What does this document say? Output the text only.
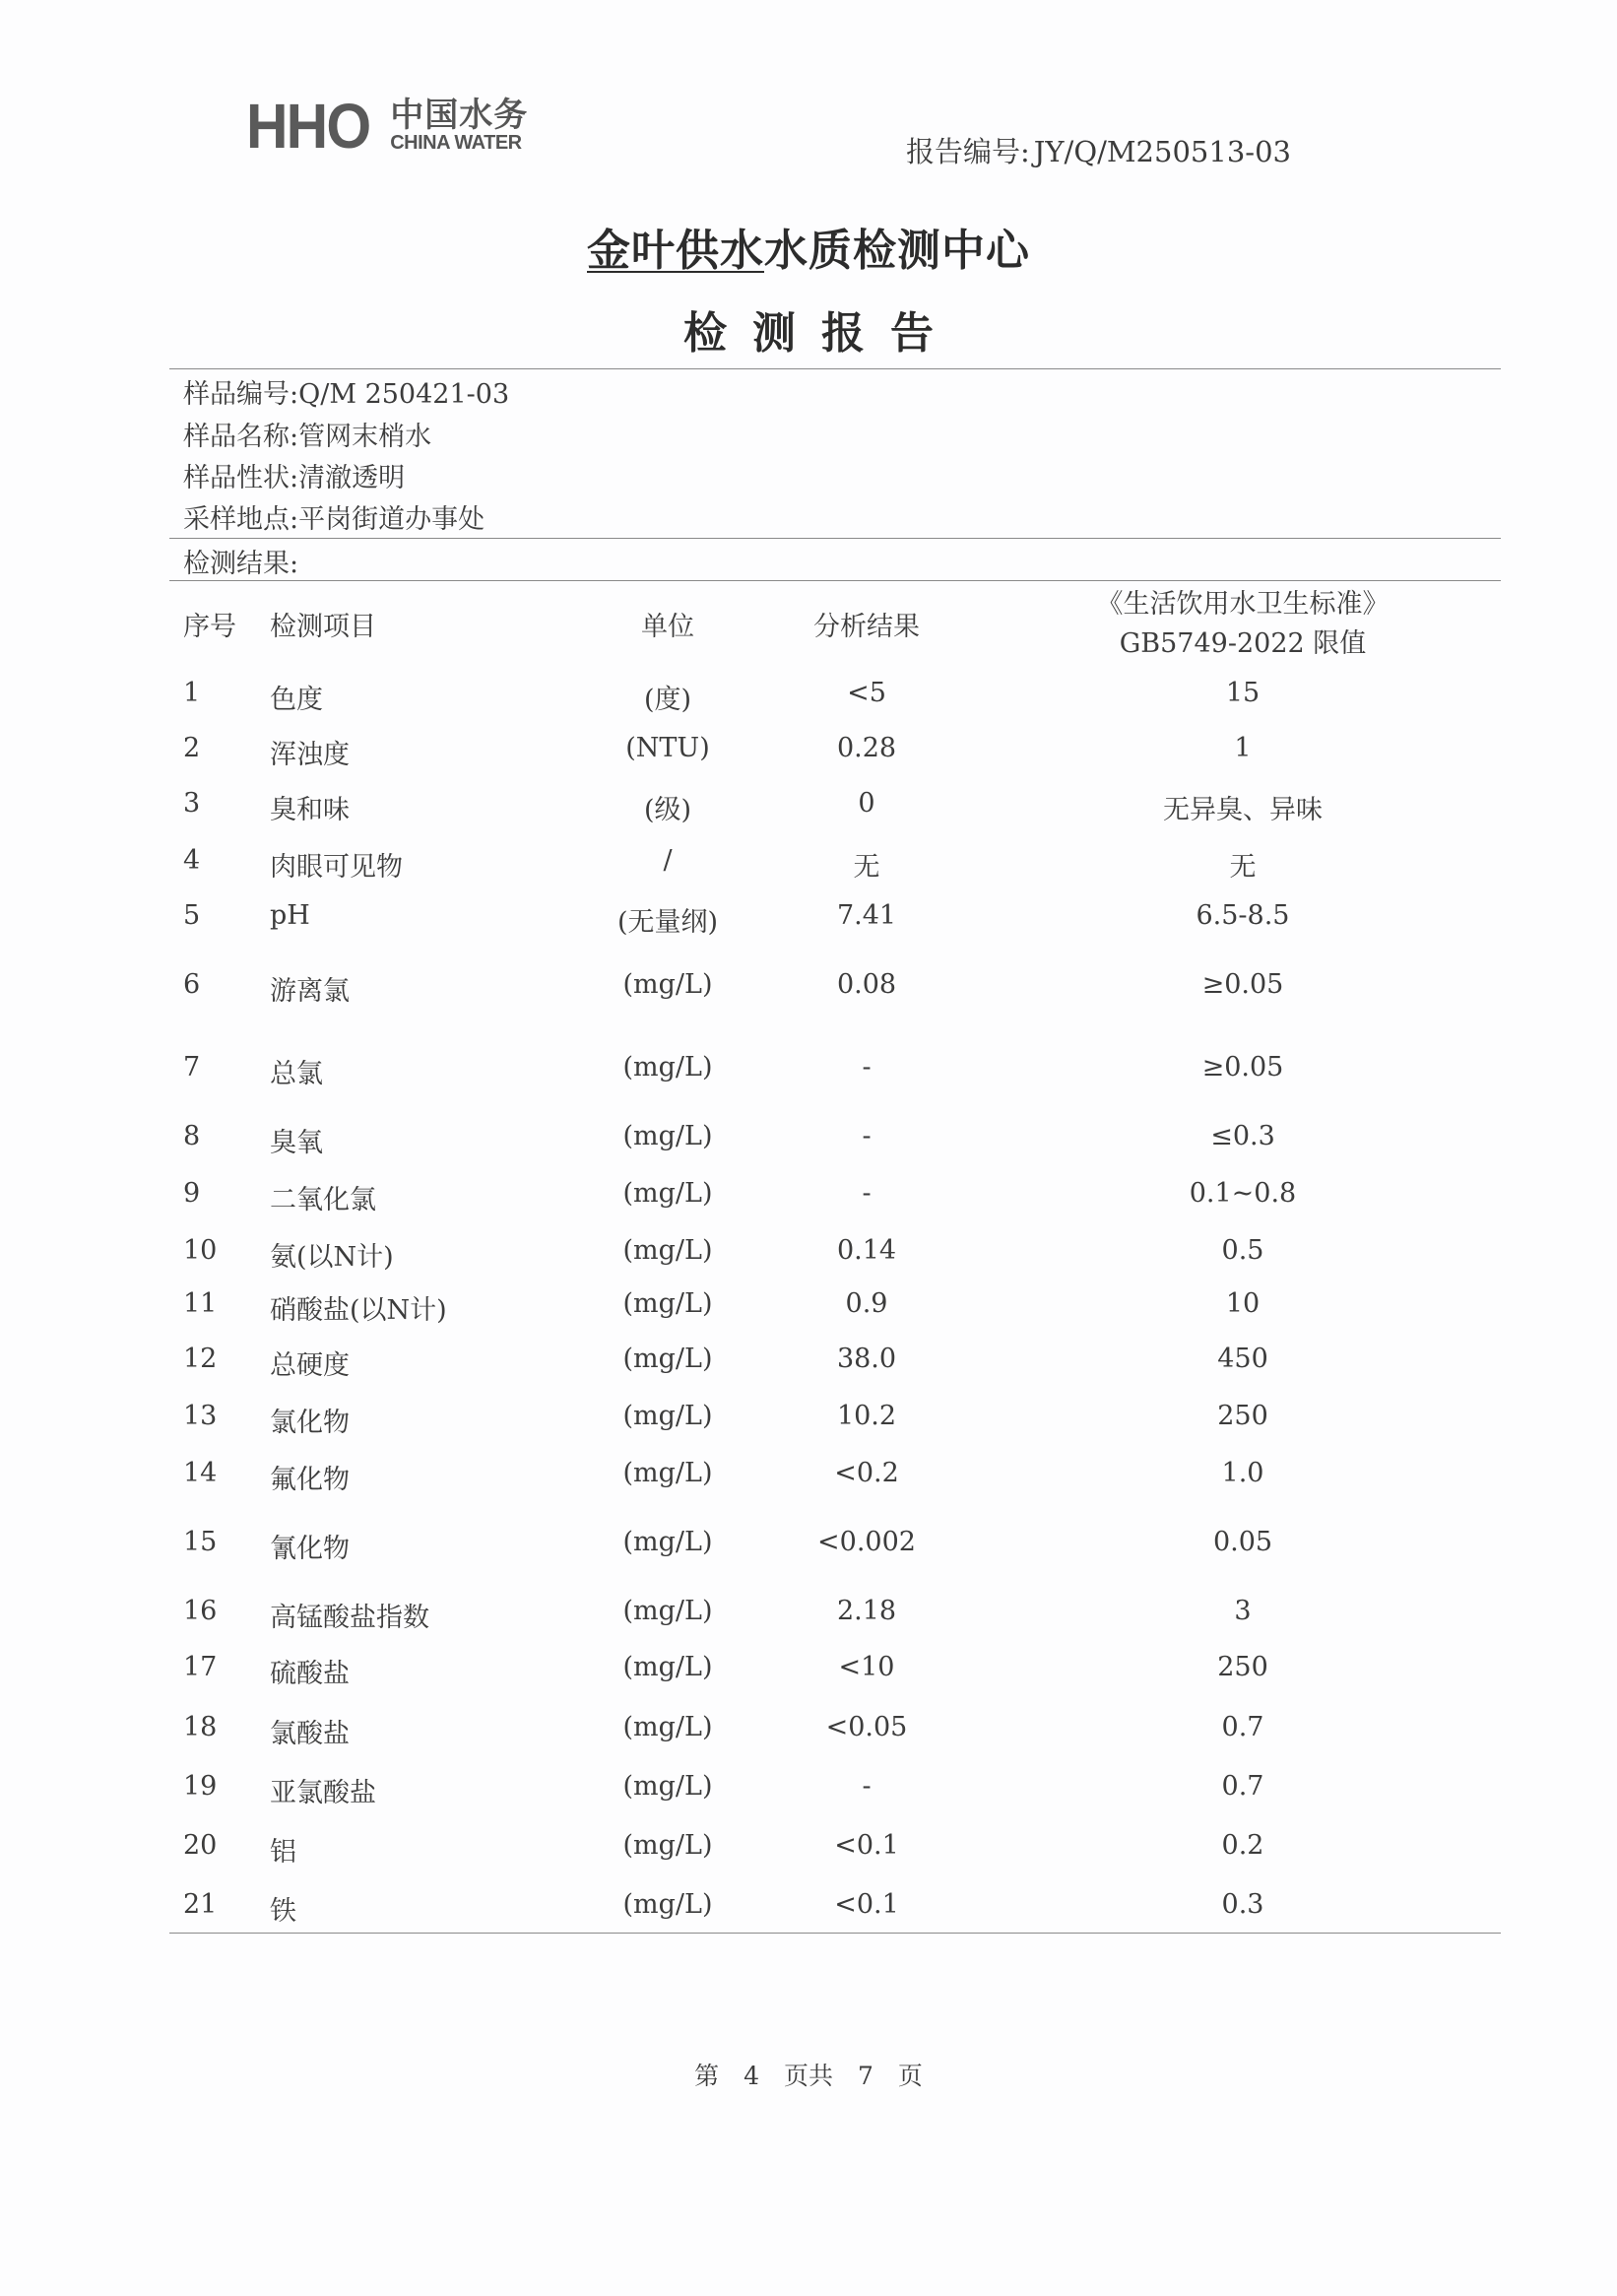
HHO 中国水务
CHINA WATER	报告编号: JY/Q/M250513-03
金叶供水水质检测中心
检测报告
样品编号:Q/M 250421-03
样品名称:管网末梢水
样品性状:清澈透明
采样地点:平岗街道办事处
检测结果:
序号 检测项目	单位	分析结果
《生活饮用水卫生标准》
GB5749-2022 限值
1	色度	(度)	<5	15
2	浑浊度	(NTU)	0.28	1
3	臭和味	(级)	0	无异臭、异味
4	肉眼可见物	/	无	无
5	pH	(无量纲)	7.41	6.5-8.5
6	游离氯	(mg/L)	0.08	≥0.05
7	总氯	(mg/L)	-	≥0.05
8	臭氧	(mg/L)	-	≤0.3
9	二氧化氯	(mg/L)	-	0.1~0.8
10 氨(以N计)	(mg/L)	0.14	0.5
11 硝酸盐(以N计)	(mg/L)	0.9	10
12 总硬度	(mg/L)	38.0	450
13 氯化物	(mg/L)	10.2	250
14 氟化物	(mg/L)	<0.2	1.0
15 氰化物	(mg/L)	<0.002	0.05
16 高锰酸盐指数	(mg/L)	2.18	3
17 硫酸盐	(mg/L)	<10	250
18 氯酸盐	(mg/L)	<0.05	0.7
19 亚氯酸盐	(mg/L)	-	0.7
20 铝	(mg/L)	<0.1	0.2
21 铁	(mg/L)	<0.1	0.3
第　4　页共　7　页
